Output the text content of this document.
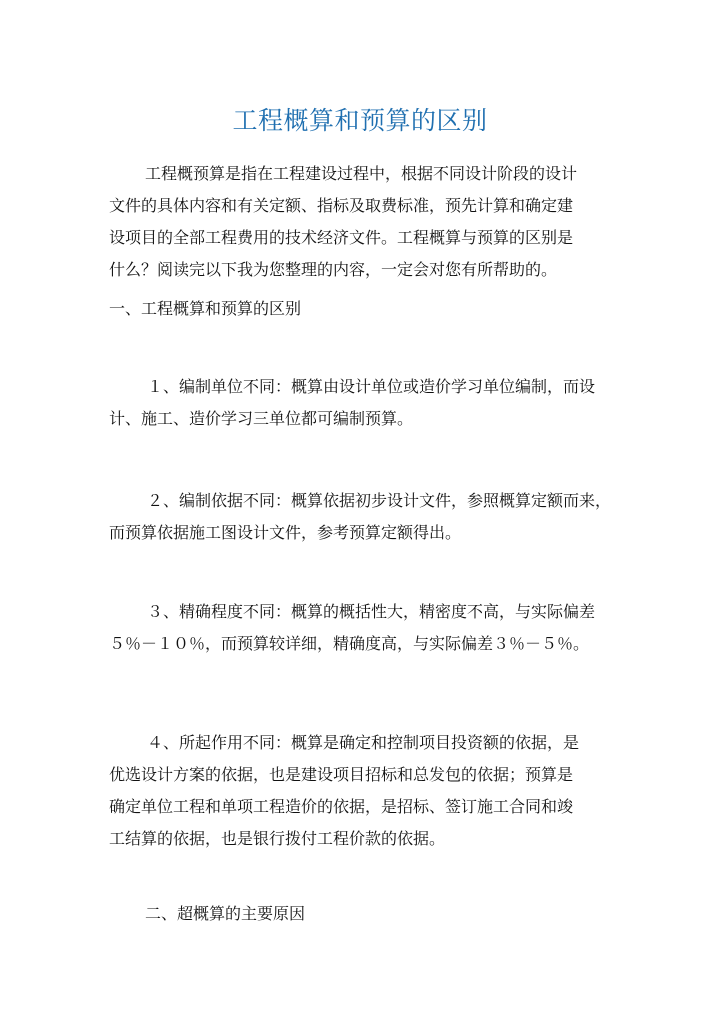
工程概算和预算的区别
工程概预算是指在工程建设过程中，根据不同设计阶段的设计
文件的具体内容和有关定额、指标及取费标准，预先计算和确定建
设项目的全部工程费用的技术经济文件。工程概算与预算的区别是
什么？阅读完以下我为您整理的内容，一定会对您有所帮助的。
一、工程概算和预算的区别
１、编制单位不同：概算由设计单位或造价学习单位编制，而设
计、施工、造价学习三单位都可编制预算。
２、编制依据不同：概算依据初步设计文件，参照概算定额而来，
而预算依据施工图设计文件，参考预算定额得出。
３、精确程度不同：概算的概括性大，精密度不高，与实际偏差
５％－１０％，而预算较详细，精确度高，与实际偏差３％－５％。
４、所起作用不同：概算是确定和控制项目投资额的依据，是
优选设计方案的依据，也是建设项目招标和总发包的依据；预算是
确定单位工程和单项工程造价的依据，是招标、签订施工合同和竣
工结算的依据，也是银行拨付工程价款的依据。
二、超概算的主要原因
